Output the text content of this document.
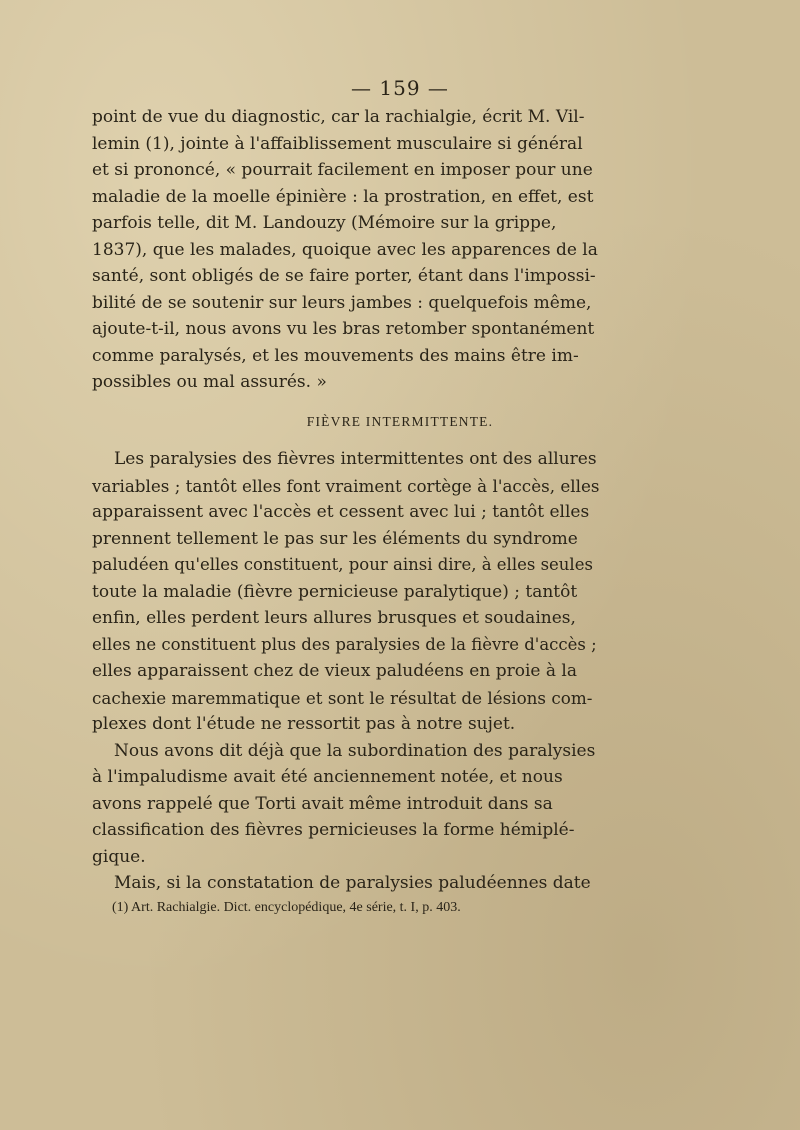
— 159 —
point de vue du diagnostic, car la rachialgie, écrit M. Vil-
lemin (1), jointe à l'affaiblissement musculaire si général
et si prononcé, « pourrait facilement en imposer pour une
maladie de la moelle épinière : la prostration, en effet, est
parfois telle, dit M. Landouzy (Mémoire sur la grippe,
1837), que les malades, quoique avec les apparences de la
santé, sont obligés de se faire porter, étant dans l'impossi-
bilité de se soutenir sur leurs jambes : quelquefois même,
ajoute-t-il, nous avons vu les bras retomber spontanément
comme paralysés, et les mouvements des mains être im-
possibles ou mal assurés. »
FIÈVRE INTERMITTENTE.
Les paralysies des fièvres intermittentes ont des allures
variables ; tantôt elles font vraiment cortège à l'accès, elles
apparaissent avec l'accès et cessent avec lui ; tantôt elles
prennent tellement le pas sur les éléments du syndrome
paludéen qu'elles constituent, pour ainsi dire, à elles seules
toute la maladie (fièvre pernicieuse paralytique) ; tantôt
enfin, elles perdent leurs allures brusques et soudaines,
elles ne constituent plus des paralysies de la fièvre d'accès ;
elles apparaissent chez de vieux paludéens en proie à la
cachexie maremmatique et sont le résultat de lésions com-
plexes dont l'étude ne ressortit pas à notre sujet.
Nous avons dit déjà que la subordination des paralysies
à l'impaludisme avait été anciennement notée, et nous
avons rappelé que Torti avait même introduit dans sa
classification des fièvres pernicieuses la forme hémiplé-
gique.
Mais, si la constatation de paralysies paludéennes date
(1) Art. Rachialgie. Dict. encyclopédique, 4e série, t. I, p. 403.
